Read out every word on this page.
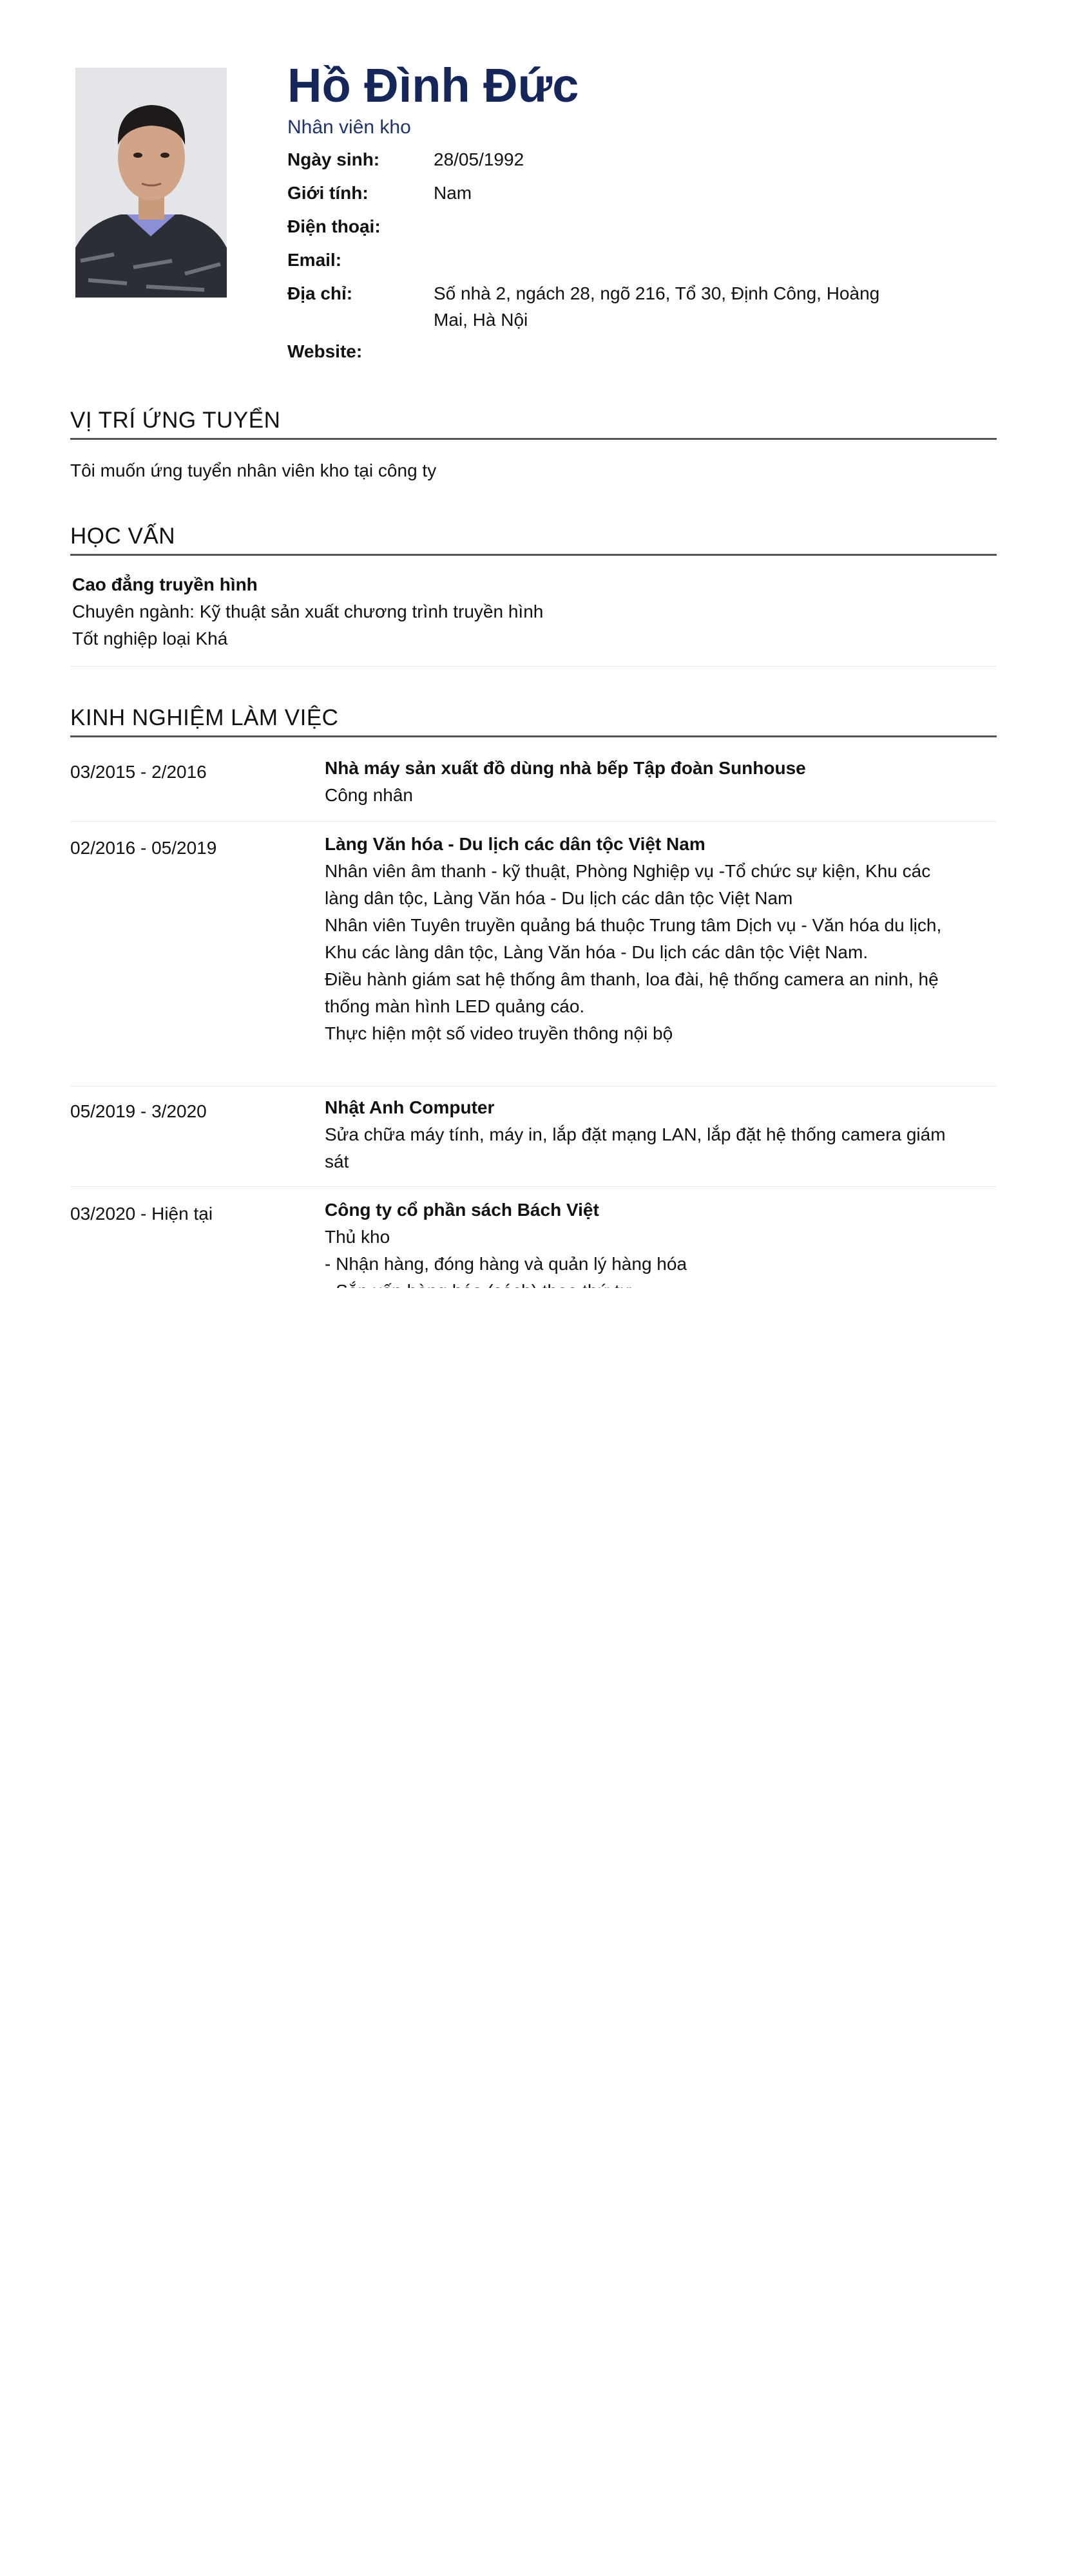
Hồ Đình Đức
Nhân viên kho
Ngày sinh:	28/05/1992
Giới tính:	Nam
Điện thoại:
Email:
Địa chỉ:	Số nhà 2, ngách 28, ngõ 216, Tổ 30, Định Công, Hoàng Mai, Hà Nội
Website:
VỊ TRÍ ỨNG TUYỂN
Tôi muốn ứng tuyển nhân viên kho tại công ty
HỌC VẤN
Cao đẳng truyền hình
Chuyên ngành: Kỹ thuật sản xuất chương trình truyền hình
Tốt nghiệp loại Khá
KINH NGHIỆM LÀM VIỆC
03/2015 - 2/2016	Nhà máy sản xuất đồ dùng nhà bếp Tập đoàn Sunhouse
Công nhân
02/2016 - 05/2019	Làng Văn hóa - Du lịch các dân tộc Việt Nam
Nhân viên âm thanh - kỹ thuật, Phòng Nghiệp vụ -Tổ chức sự kiện, Khu các làng dân tộc, Làng Văn hóa - Du lịch các dân tộc Việt Nam
Nhân viên Tuyên truyền quảng bá thuộc Trung tâm Dịch vụ - Văn hóa du lịch, Khu các làng dân tộc, Làng Văn hóa - Du lịch các dân tộc Việt Nam.
Điều hành giám sat hệ thống âm thanh, loa đài, hệ thống camera an ninh, hệ thống màn hình LED quảng cáo.
Thực hiện một số video truyền thông nội bộ
05/2019 - 3/2020	Nhật Anh Computer
Sửa chữa máy tính, máy in, lắp đặt mạng LAN, lắp đặt hệ thống camera giám sát
03/2020 - Hiện tại	Công ty cổ phần sách Bách Việt
Thủ kho
- Nhận hàng, đóng hàng và quản lý hàng hóa
